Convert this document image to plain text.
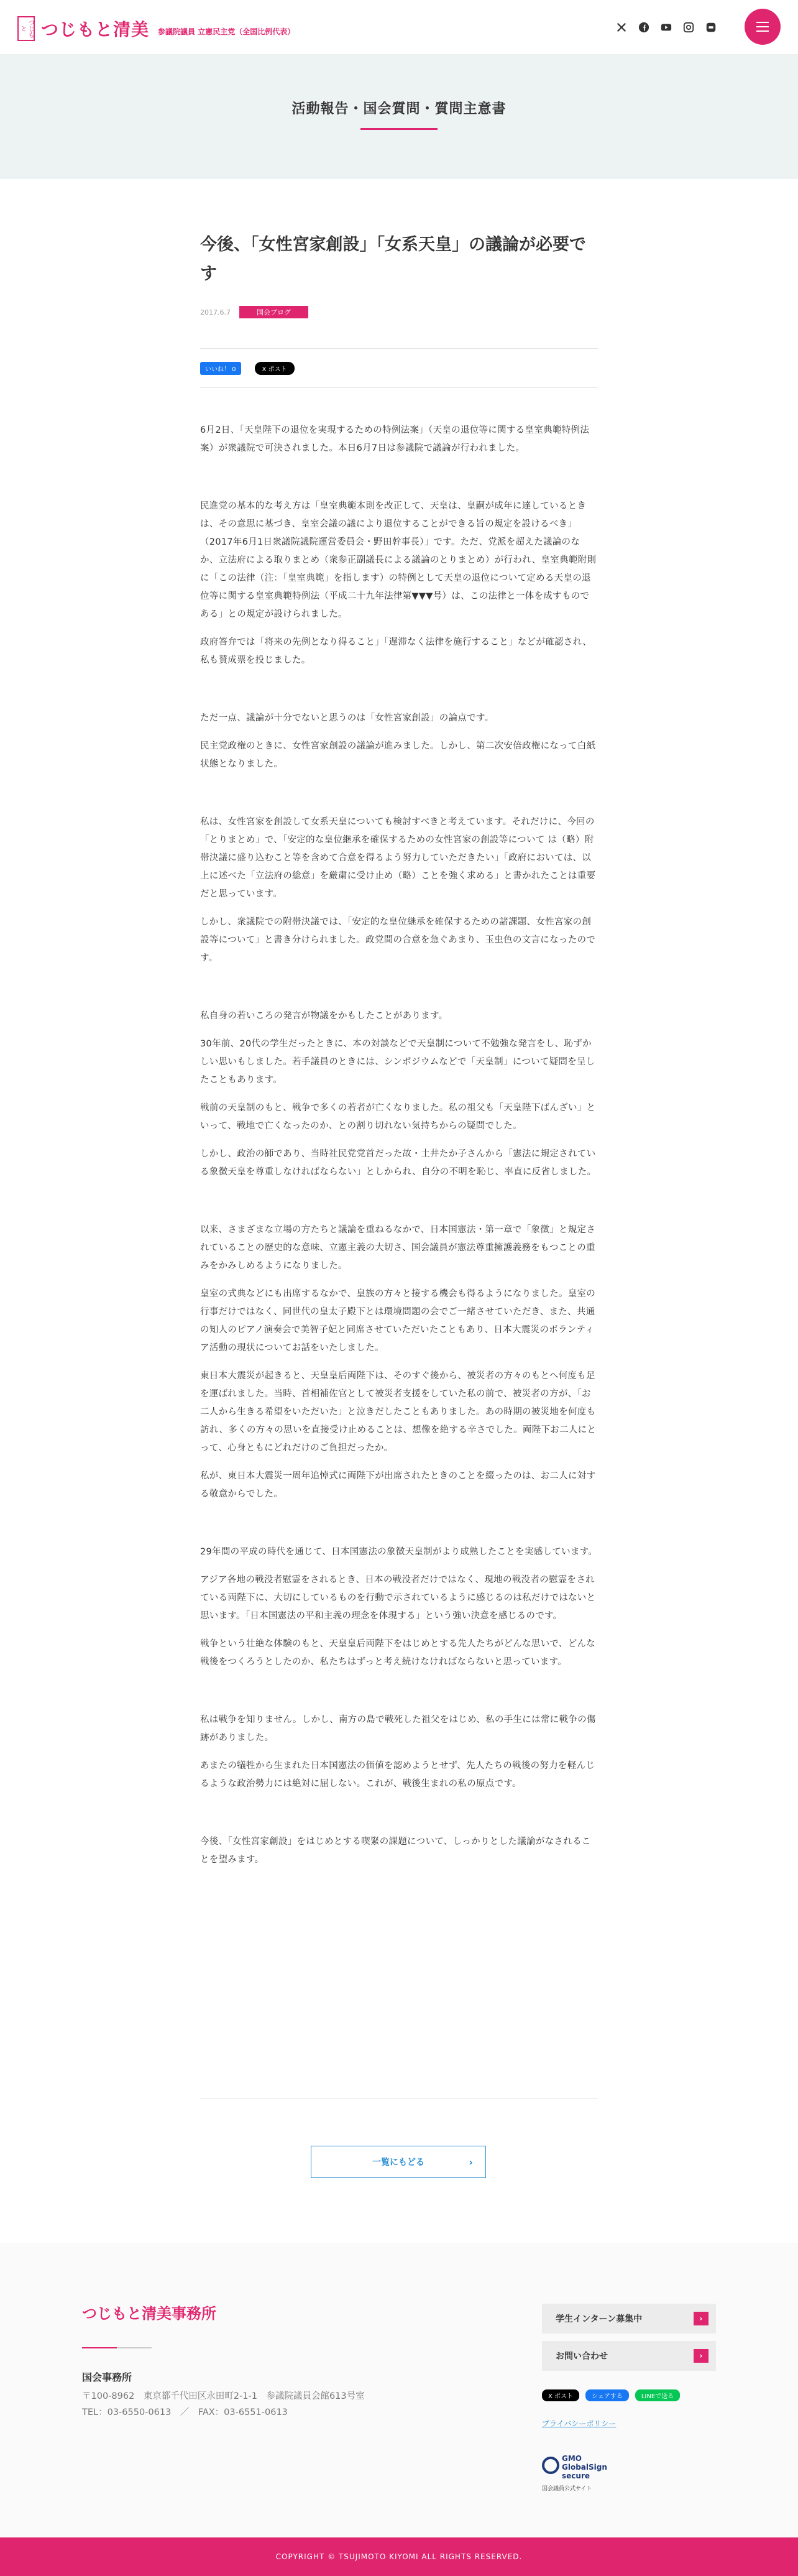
つじもと つじもと清美 参議院議員 立憲民主党（全国比例代表）
活動報告・国会質問・質問主意書
今後、「女性宮家創設」「女系天皇」の議論が必要です
2017.6.7	国会ブログ
いいね！ 0	X ポスト

6月2日、「天皇陛下の退位を実現するための特例法案」（天皇の退位等に関する皇室典範特例法案）が衆議院で可決されました。本日6月7日は参議院で議論が行われました。

民進党の基本的な考え方は「皇室典範本則を改正して、天皇は、皇嗣が成年に達しているときは、その意思に基づき、皇室会議の議により退位することができる旨の規定を設けるべき」（2017年6月1日衆議院議院運営委員会・野田幹事長）」です。ただ、党派を超えた議論のなか、立法府による取りまとめ（衆参正副議長による議論のとりまとめ）が行われ、皇室典範附則に「この法律（注：「皇室典範」を指します）の特例として天皇の退位について定める天皇の退位等に関する皇室典範特例法（平成二十九年法律第▼▼▼号）は、この法律と一体を成すものである」との規定が設けられました。

政府答弁では「将来の先例となり得ること」「遅滞なく法律を施行すること」などが確認され、私も賛成票を投じました。

ただ一点、議論が十分でないと思うのは「女性宮家創設」の論点です。

民主党政権のときに、女性宮家創設の議論が進みました。しかし、第二次安倍政権になって白紙状態となりました。

私は、女性宮家を創設して女系天皇についても検討すべきと考えています。それだけに、今回の「とりまとめ」で、「安定的な皇位継承を確保するための女性宮家の創設等について は（略）附帯決議に盛り込むこと等を含めて合意を得るよう努力していただきたい」「政府においては、以上に述べた「立法府の総意」を厳粛に受け止め（略）ことを強く求める」と書かれたことは重要だと思っています。

しかし、衆議院での附帯決議では、「安定的な皇位継承を確保するための諸課題、女性宮家の創設等について」と書き分けられました。政党間の合意を急ぐあまり、玉虫色の文言になったのです。

私自身の若いころの発言が物議をかもしたことがあります。

30年前、20代の学生だったときに、本の対談などで天皇制について不勉強な発言をし、恥ずかしい思いもしました。若手議員のときには、シンポジウムなどで「天皇制」について疑問を呈したこともあります。

戦前の天皇制のもと、戦争で多くの若者が亡くなりました。私の祖父も「天皇陛下ばんざい」といって、戦地で亡くなったのか、との割り切れない気持ちからの疑問でした。

しかし、政治の師であり、当時社民党党首だった故・土井たか子さんから「憲法に規定されている象徴天皇を尊重しなければならない」としかられ、自分の不明を恥じ、率直に反省しました。

以来、さまざまな立場の方たちと議論を重ねるなかで、日本国憲法・第一章で「象徴」と規定されていることの歴史的な意味、立憲主義の大切さ、国会議員が憲法尊重擁護義務をもつことの重みをかみしめるようになりました。

皇室の式典などにも出席するなかで、皇族の方々と接する機会も得るようになりました。皇室の行事だけではなく、同世代の皇太子殿下とは環境問題の会でご一緒させていただき、また、共通の知人のピアノ演奏会で美智子妃と同席させていただいたこともあり、日本大震災のボランティア活動の現状についてお話をいたしました。

東日本大震災が起きると、天皇皇后両陛下は、そのすぐ後から、被災者の方々のもとへ何度も足を運ばれました。当時、首相補佐官として被災者支援をしていた私の前で、被災者の方が、「お二人から生きる希望をいただいた」と泣きだしたこともありました。あの時期の被災地を何度も訪れ、多くの方々の思いを直接受け止めることは、想像を絶する辛さでした。両陛下お二人にとって、心身ともにどれだけのご負担だったか。

私が、東日本大震災一周年追悼式に両陛下が出席されたときのことを綴ったのは、お二人に対する敬意からでした。

29年間の平成の時代を通じて、日本国憲法の象徴天皇制がより成熟したことを実感しています。

アジア各地の戦没者慰霊をされるとき、日本の戦没者だけではなく、現地の戦没者の慰霊をされている両陛下に、大切にしているものを行動で示されているように感じるのは私だけではないと思います。「日本国憲法の平和主義の理念を体現する」という強い決意を感じるのです。

戦争という壮絶な体験のもと、天皇皇后両陛下をはじめとする先人たちがどんな思いで、どんな戦後をつくろうとしたのか、私たちはずっと考え続けなければならないと思っています。

私は戦争を知りません。しかし、南方の島で戦死した祖父をはじめ、私の手生には常に戦争の傷跡がありました。

あまたの犠牲から生まれた日本国憲法の価値を認めようとせず、先人たちの戦後の努力を軽んじるような政治勢力には絶対に屈しない。これが、戦後生まれの私の原点です。

今後、「女性宮家創設」をはじめとする喫緊の課題について、しっかりとした議論がなされることを望みます。

一覧にもどる	›
つじもと清美事務所
国会事務所
〒100-8962　東京都千代田区永田町2-1-1　参議院議員会館613号室
TEL：03-6550-0613　／　FAX：03-6551-0613
学生インターン募集中	›
お問い合わせ	›
X ポスト	シェアする	LINEで送る
プライバシーポリシー
GMO GlobalSign secure
国会議員公式サイト
COPYRIGHT © TSUJIMOTO KIYOMI ALL RIGHTS RESERVED.
